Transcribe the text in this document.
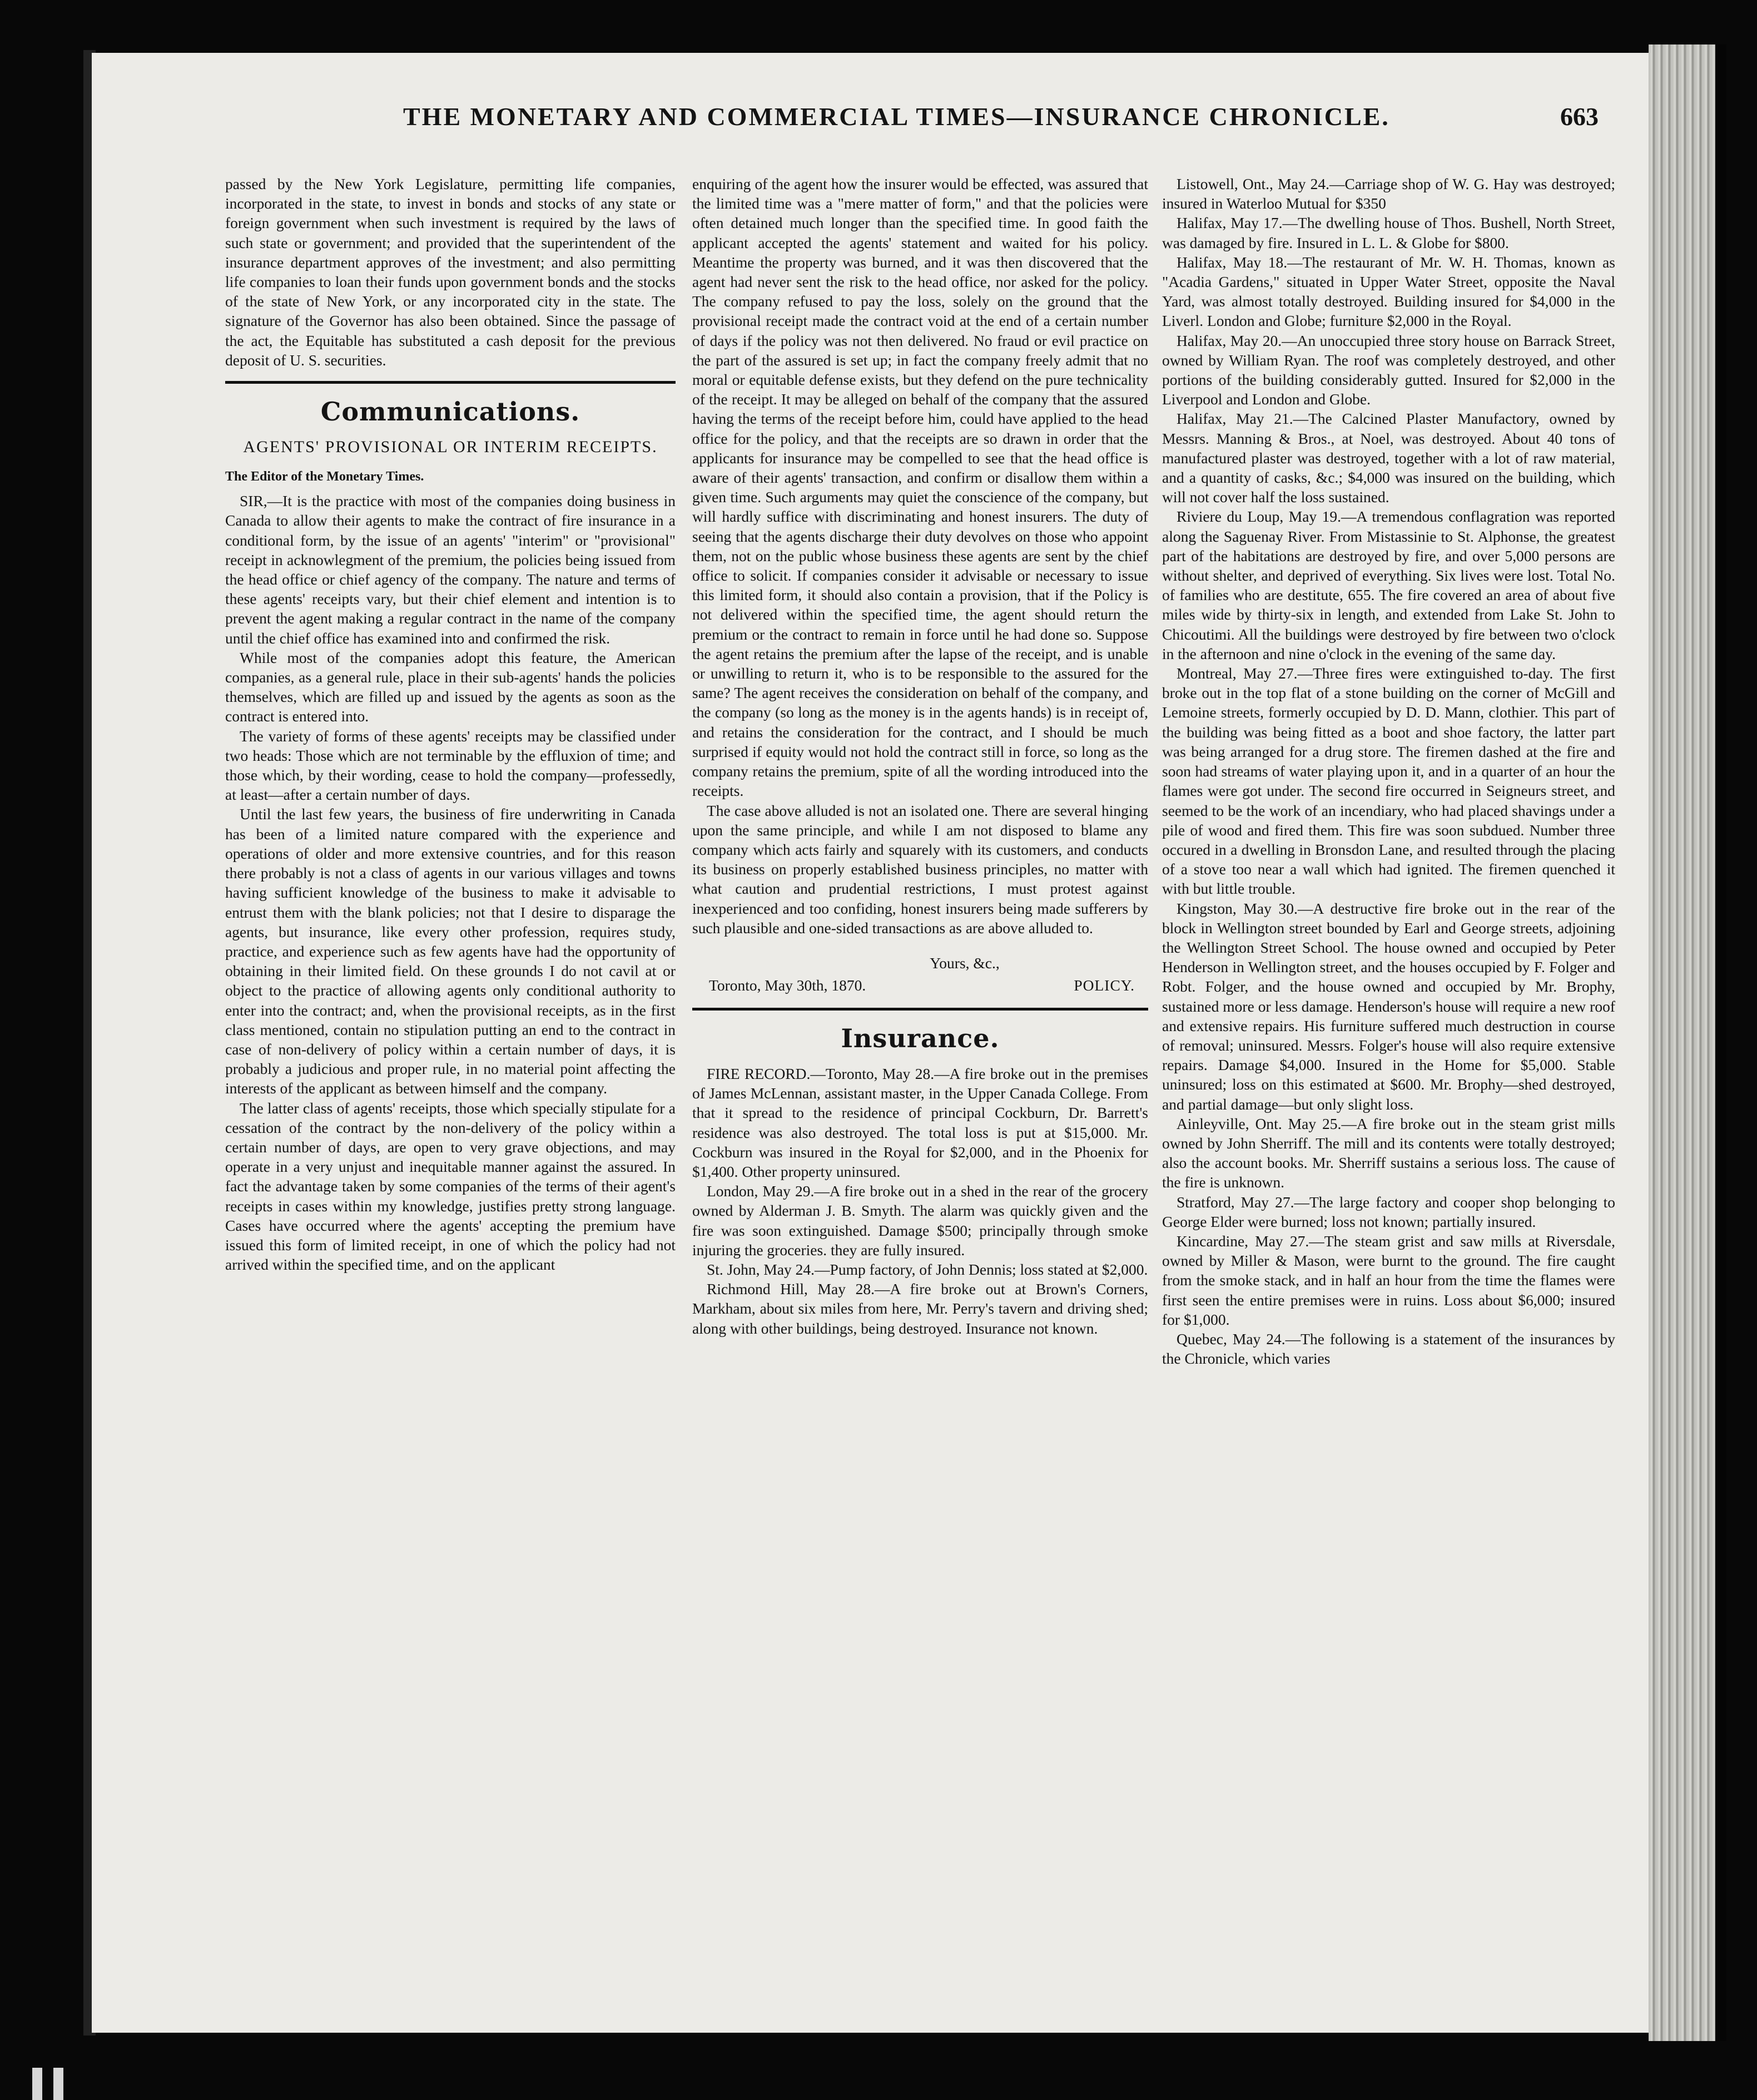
THE MONETARY AND COMMERCIAL TIMES—INSURANCE CHRONICLE.	663

passed by the New York Legislature, permitting life companies, incorporated in the state, to invest in bonds and stocks of any state or foreign government when such investment is required by the laws of such state or government; and provided that the superintendent of the insurance department approves of the investment; and also permitting life companies to loan their funds upon government bonds and the stocks of the state of New York, or any incorporated city in the state. The signature of the Governor has also been obtained. Since the passage of the act, the Equitable has substituted a cash deposit for the previous deposit of U. S. securities.

Communications.
AGENTS' PROVISIONAL OR INTERIM RECEIPTS.
The Editor of the Monetary Times.

SIR,—It is the practice with most of the companies doing business in Canada to allow their agents to make the contract of fire insurance in a conditional form, by the issue of an agents' "interim" or "provisional" receipt in acknowlegment of the premium, the policies being issued from the head office or chief agency of the company. The nature and terms of these agents' receipts vary, but their chief element and intention is to prevent the agent making a regular contract in the name of the company until the chief office has examined into and confirmed the risk.

While most of the companies adopt this feature, the American companies, as a general rule, place in their sub-agents' hands the policies themselves, which are filled up and issued by the agents as soon as the contract is entered into.

The variety of forms of these agents' receipts may be classified under two heads: Those which are not terminable by the effluxion of time; and those which, by their wording, cease to hold the company—professedly, at least—after a certain number of days.

Until the last few years, the business of fire underwriting in Canada has been of a limited nature compared with the experience and operations of older and more extensive countries, and for this reason there probably is not a class of agents in our various villages and towns having sufficient knowledge of the business to make it advisable to entrust them with the blank policies; not that I desire to disparage the agents, but insurance, like every other profession, requires study, practice, and experience such as few agents have had the opportunity of obtaining in their limited field. On these grounds I do not cavil at or object to the practice of allowing agents only conditional authority to enter into the contract; and, when the provisional receipts, as in the first class mentioned, contain no stipulation putting an end to the contract in case of non-delivery of policy within a certain number of days, it is probably a judicious and proper rule, in no material point affecting the interests of the applicant as between himself and the company.

The latter class of agents' receipts, those which specially stipulate for a cessation of the contract by the non-delivery of the policy within a certain number of days, are open to very grave objections, and may operate in a very unjust and inequitable manner against the assured. In fact the advantage taken by some companies of the terms of their agent's receipts in cases within my knowledge, justifies pretty strong language. Cases have occurred where the agents' accepting the premium have issued this form of limited receipt, in one of which the policy had not arrived within the specified time, and on the applicant

enquiring of the agent how the insurer would be effected, was assured that the limited time was a "mere matter of form," and that the policies were often detained much longer than the specified time. In good faith the applicant accepted the agents' statement and waited for his policy. Meantime the property was burned, and it was then discovered that the agent had never sent the risk to the head office, nor asked for the policy. The company refused to pay the loss, solely on the ground that the provisional receipt made the contract void at the end of a certain number of days if the policy was not then delivered. No fraud or evil practice on the part of the assured is set up; in fact the company freely admit that no moral or equitable defense exists, but they defend on the pure technicality of the receipt. It may be alleged on behalf of the company that the assured having the terms of the receipt before him, could have applied to the head office for the policy, and that the receipts are so drawn in order that the applicants for insurance may be compelled to see that the head office is aware of their agents' transaction, and confirm or disallow them within a given time. Such arguments may quiet the conscience of the company, but will hardly suffice with discriminating and honest insurers. The duty of seeing that the agents discharge their duty devolves on those who appoint them, not on the public whose business these agents are sent by the chief office to solicit. If companies consider it advisable or necessary to issue this limited form, it should also contain a provision, that if the Policy is not delivered within the specified time, the agent should return the premium or the contract to remain in force until he had done so. Suppose the agent retains the premium after the lapse of the receipt, and is unable or unwilling to return it, who is to be responsible to the assured for the same? The agent receives the consideration on behalf of the company, and the company (so long as the money is in the agents hands) is in receipt of, and retains the consideration for the contract, and I should be much surprised if equity would not hold the contract still in force, so long as the company retains the premium, spite of all the wording introduced into the receipts.

The case above alluded is not an isolated one. There are several hinging upon the same principle, and while I am not disposed to blame any company which acts fairly and squarely with its customers, and conducts its business on properly established business principles, no matter with what caution and prudential restrictions, I must protest against inexperienced and too confiding, honest insurers being made sufferers by such plausible and one-sided transactions as are above alluded to.

Yours, &c.,
Toronto, May 30th, 1870.	POLICY.
Insurance.

FIRE RECORD.—Toronto, May 28.—A fire broke out in the premises of James McLennan, assistant master, in the Upper Canada College. From that it spread to the residence of principal Cockburn, Dr. Barrett's residence was also destroyed. The total loss is put at $15,000. Mr. Cockburn was insured in the Royal for $2,000, and in the Phoenix for $1,400. Other property uninsured.

London, May 29.—A fire broke out in a shed in the rear of the grocery owned by Alderman J. B. Smyth. The alarm was quickly given and the fire was soon extinguished. Damage $500; principally through smoke injuring the groceries. they are fully insured.

St. John, May 24.—Pump factory, of John Dennis; loss stated at $2,000.

Richmond Hill, May 28.—A fire broke out at Brown's Corners, Markham, about six miles from here, Mr. Perry's tavern and driving shed; along with other buildings, being destroyed. Insurance not known.

Listowell, Ont., May 24.—Carriage shop of W. G. Hay was destroyed; insured in Waterloo Mutual for $350

Halifax, May 17.—The dwelling house of Thos. Bushell, North Street, was damaged by fire. Insured in L. L. & Globe for $800.

Halifax, May 18.—The restaurant of Mr. W. H. Thomas, known as "Acadia Gardens," situated in Upper Water Street, opposite the Naval Yard, was almost totally destroyed. Building insured for $4,000 in the Liverl. London and Globe; furniture $2,000 in the Royal.

Halifax, May 20.—An unoccupied three story house on Barrack Street, owned by William Ryan. The roof was completely destroyed, and other portions of the building considerably gutted. Insured for $2,000 in the Liverpool and London and Globe.

Halifax, May 21.—The Calcined Plaster Manufactory, owned by Messrs. Manning & Bros., at Noel, was destroyed. About 40 tons of manufactured plaster was destroyed, together with a lot of raw material, and a quantity of casks, &c.; $4,000 was insured on the building, which will not cover half the loss sustained.

Riviere du Loup, May 19.—A tremendous conflagration was reported along the Saguenay River. From Mistassinie to St. Alphonse, the greatest part of the habitations are destroyed by fire, and over 5,000 persons are without shelter, and deprived of everything. Six lives were lost. Total No. of families who are destitute, 655. The fire covered an area of about five miles wide by thirty-six in length, and extended from Lake St. John to Chicoutimi. All the buildings were destroyed by fire between two o'clock in the afternoon and nine o'clock in the evening of the same day.

Montreal, May 27.—Three fires were extinguished to-day. The first broke out in the top flat of a stone building on the corner of McGill and Lemoine streets, formerly occupied by D. D. Mann, clothier. This part of the building was being fitted as a boot and shoe factory, the latter part was being arranged for a drug store. The firemen dashed at the fire and soon had streams of water playing upon it, and in a quarter of an hour the flames were got under. The second fire occurred in Seigneurs street, and seemed to be the work of an incendiary, who had placed shavings under a pile of wood and fired them. This fire was soon subdued. Number three occured in a dwelling in Bronsdon Lane, and resulted through the placing of a stove too near a wall which had ignited. The firemen quenched it with but little trouble.

Kingston, May 30.—A destructive fire broke out in the rear of the block in Wellington street bounded by Earl and George streets, adjoining the Wellington Street School. The house owned and occupied by Peter Henderson in Wellington street, and the houses occupied by F. Folger and Robt. Folger, and the house owned and occupied by Mr. Brophy, sustained more or less damage. Henderson's house will require a new roof and extensive repairs. His furniture suffered much destruction in course of removal; uninsured. Messrs. Folger's house will also require extensive repairs. Damage $4,000. Insured in the Home for $5,000. Stable uninsured; loss on this estimated at $600. Mr. Brophy—shed destroyed, and partial damage—but only slight loss.

Ainleyville, Ont. May 25.—A fire broke out in the steam grist mills owned by John Sherriff. The mill and its contents were totally destroyed; also the account books. Mr. Sherriff sustains a serious loss. The cause of the fire is unknown.

Stratford, May 27.—The large factory and cooper shop belonging to George Elder were burned; loss not known; partially insured.

Kincardine, May 27.—The steam grist and saw mills at Riversdale, owned by Miller & Mason, were burnt to the ground. The fire caught from the smoke stack, and in half an hour from the time the flames were first seen the entire premises were in ruins. Loss about $6,000; insured for $1,000.

Quebec, May 24.—The following is a statement of the insurances by the Chronicle, which varies
